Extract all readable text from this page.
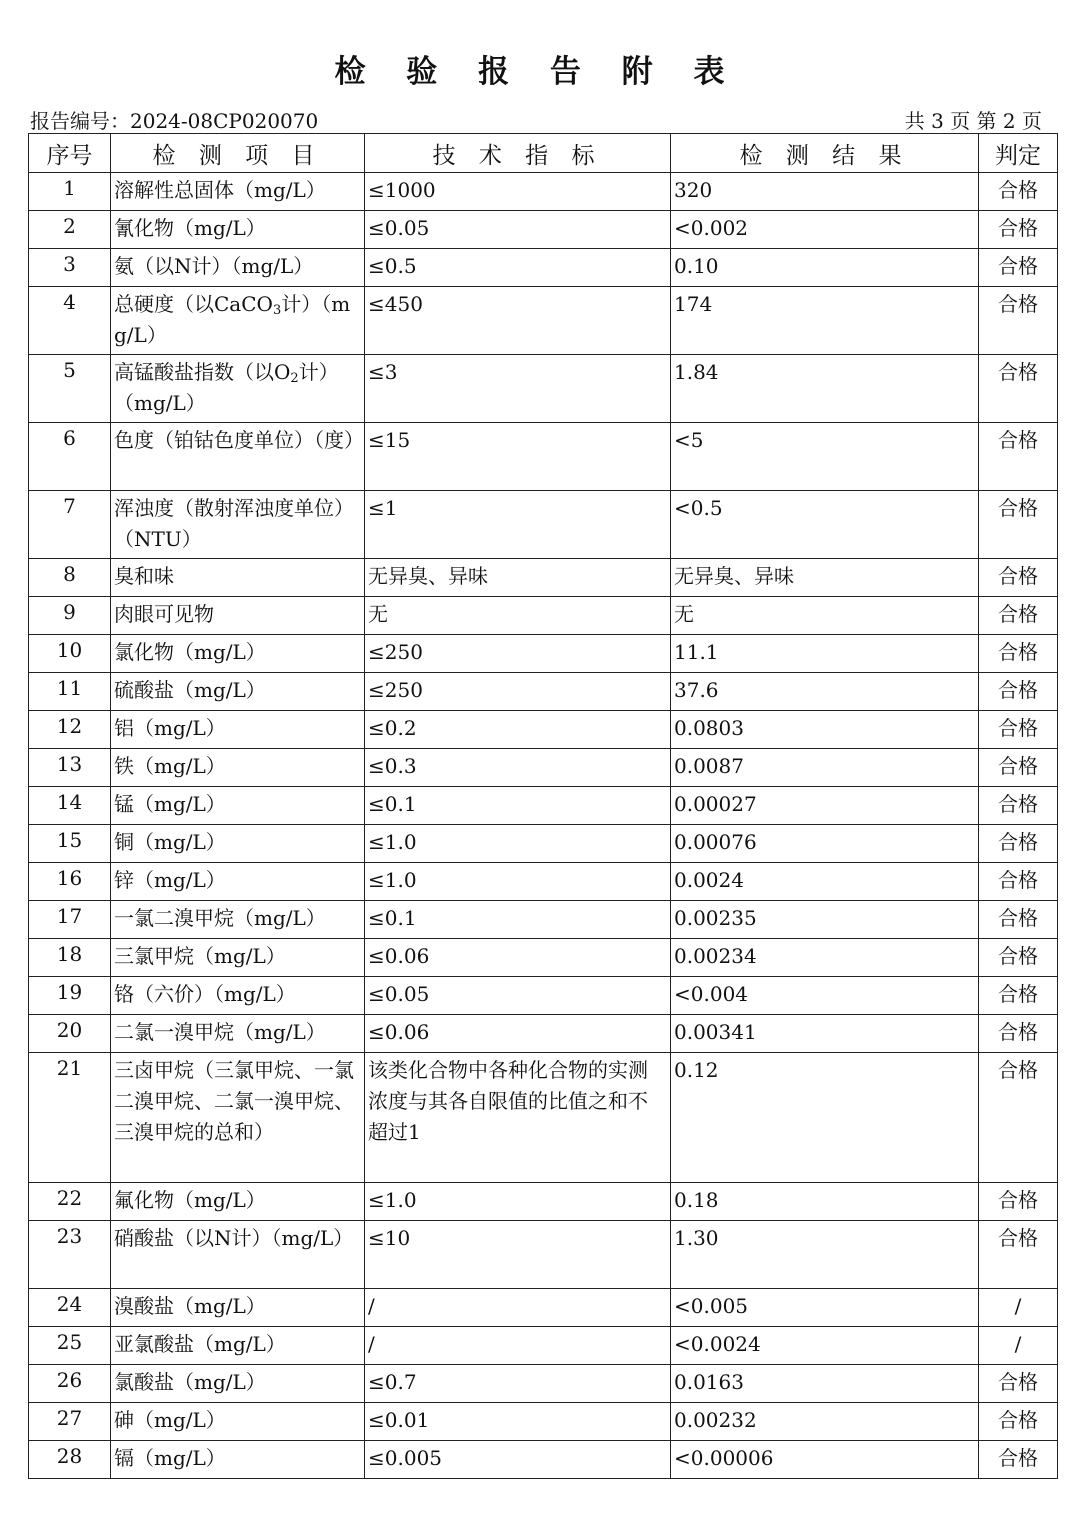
检 验 报 告 附 表
报告编号：2024-08CP020070	共 3 页 第 2 页
序号	检 测 项 目	技 术 指 标	检 测 结 果	判定
1	溶解性总固体（mg/L）	≤1000	320	合格
2	氰化物（mg/L）	≤0.05	<0.002	合格
3	氨（以N计）（mg/L）	≤0.5	0.10	合格
4	总硬度（以CaCO$_3$计）（mg/L）	≤450	174	合格
5	高锰酸盐指数（以$O_2$计）（mg/L）	≤3	1.84	合格
6	色度（铂钴色度单位）（度）	≤15	<5	合格
7	浑浊度（散射浑浊度单位）（NTU）	≤1	<0.5	合格
8	臭和味	无异臭、异味	无异臭、异味	合格
9	肉眼可见物	无	无	合格
10	氯化物（mg/L）	≤250	11.1	合格
11	硫酸盐（mg/L）	≤250	37.6	合格
12	铝（mg/L）	≤0.2	0.0803	合格
13	铁（mg/L）	≤0.3	0.0087	合格
14	锰（mg/L）	≤0.1	0.00027	合格
15	铜（mg/L）	≤1.0	0.00076	合格
16	锌（mg/L）	≤1.0	0.0024	合格
17	一氯二溴甲烷（mg/L）	≤0.1	0.00235	合格
18	三氯甲烷（mg/L）	≤0.06	0.00234	合格
19	铬（六价）（mg/L）	≤0.05	<0.004	合格
20	二氯一溴甲烷（mg/L）	≤0.06	0.00341	合格
21	三卤甲烷（三氯甲烷、一氯二溴甲烷、二氯一溴甲烷、三溴甲烷的总和）	该类化合物中各种化合物的实测浓度与其各自限值的比值之和不超过1	0.12	合格
22	氟化物（mg/L）	≤1.0	0.18	合格
23	硝酸盐（以N计）（mg/L）	≤10	1.30	合格
24	溴酸盐（mg/L）	/	<0.005	/
25	亚氯酸盐（mg/L）	/	<0.0024	/
26	氯酸盐（mg/L）	≤0.7	0.0163	合格
27	砷（mg/L）	≤0.01	0.00232	合格
28	镉（mg/L）	≤0.005	<0.00006	合格
